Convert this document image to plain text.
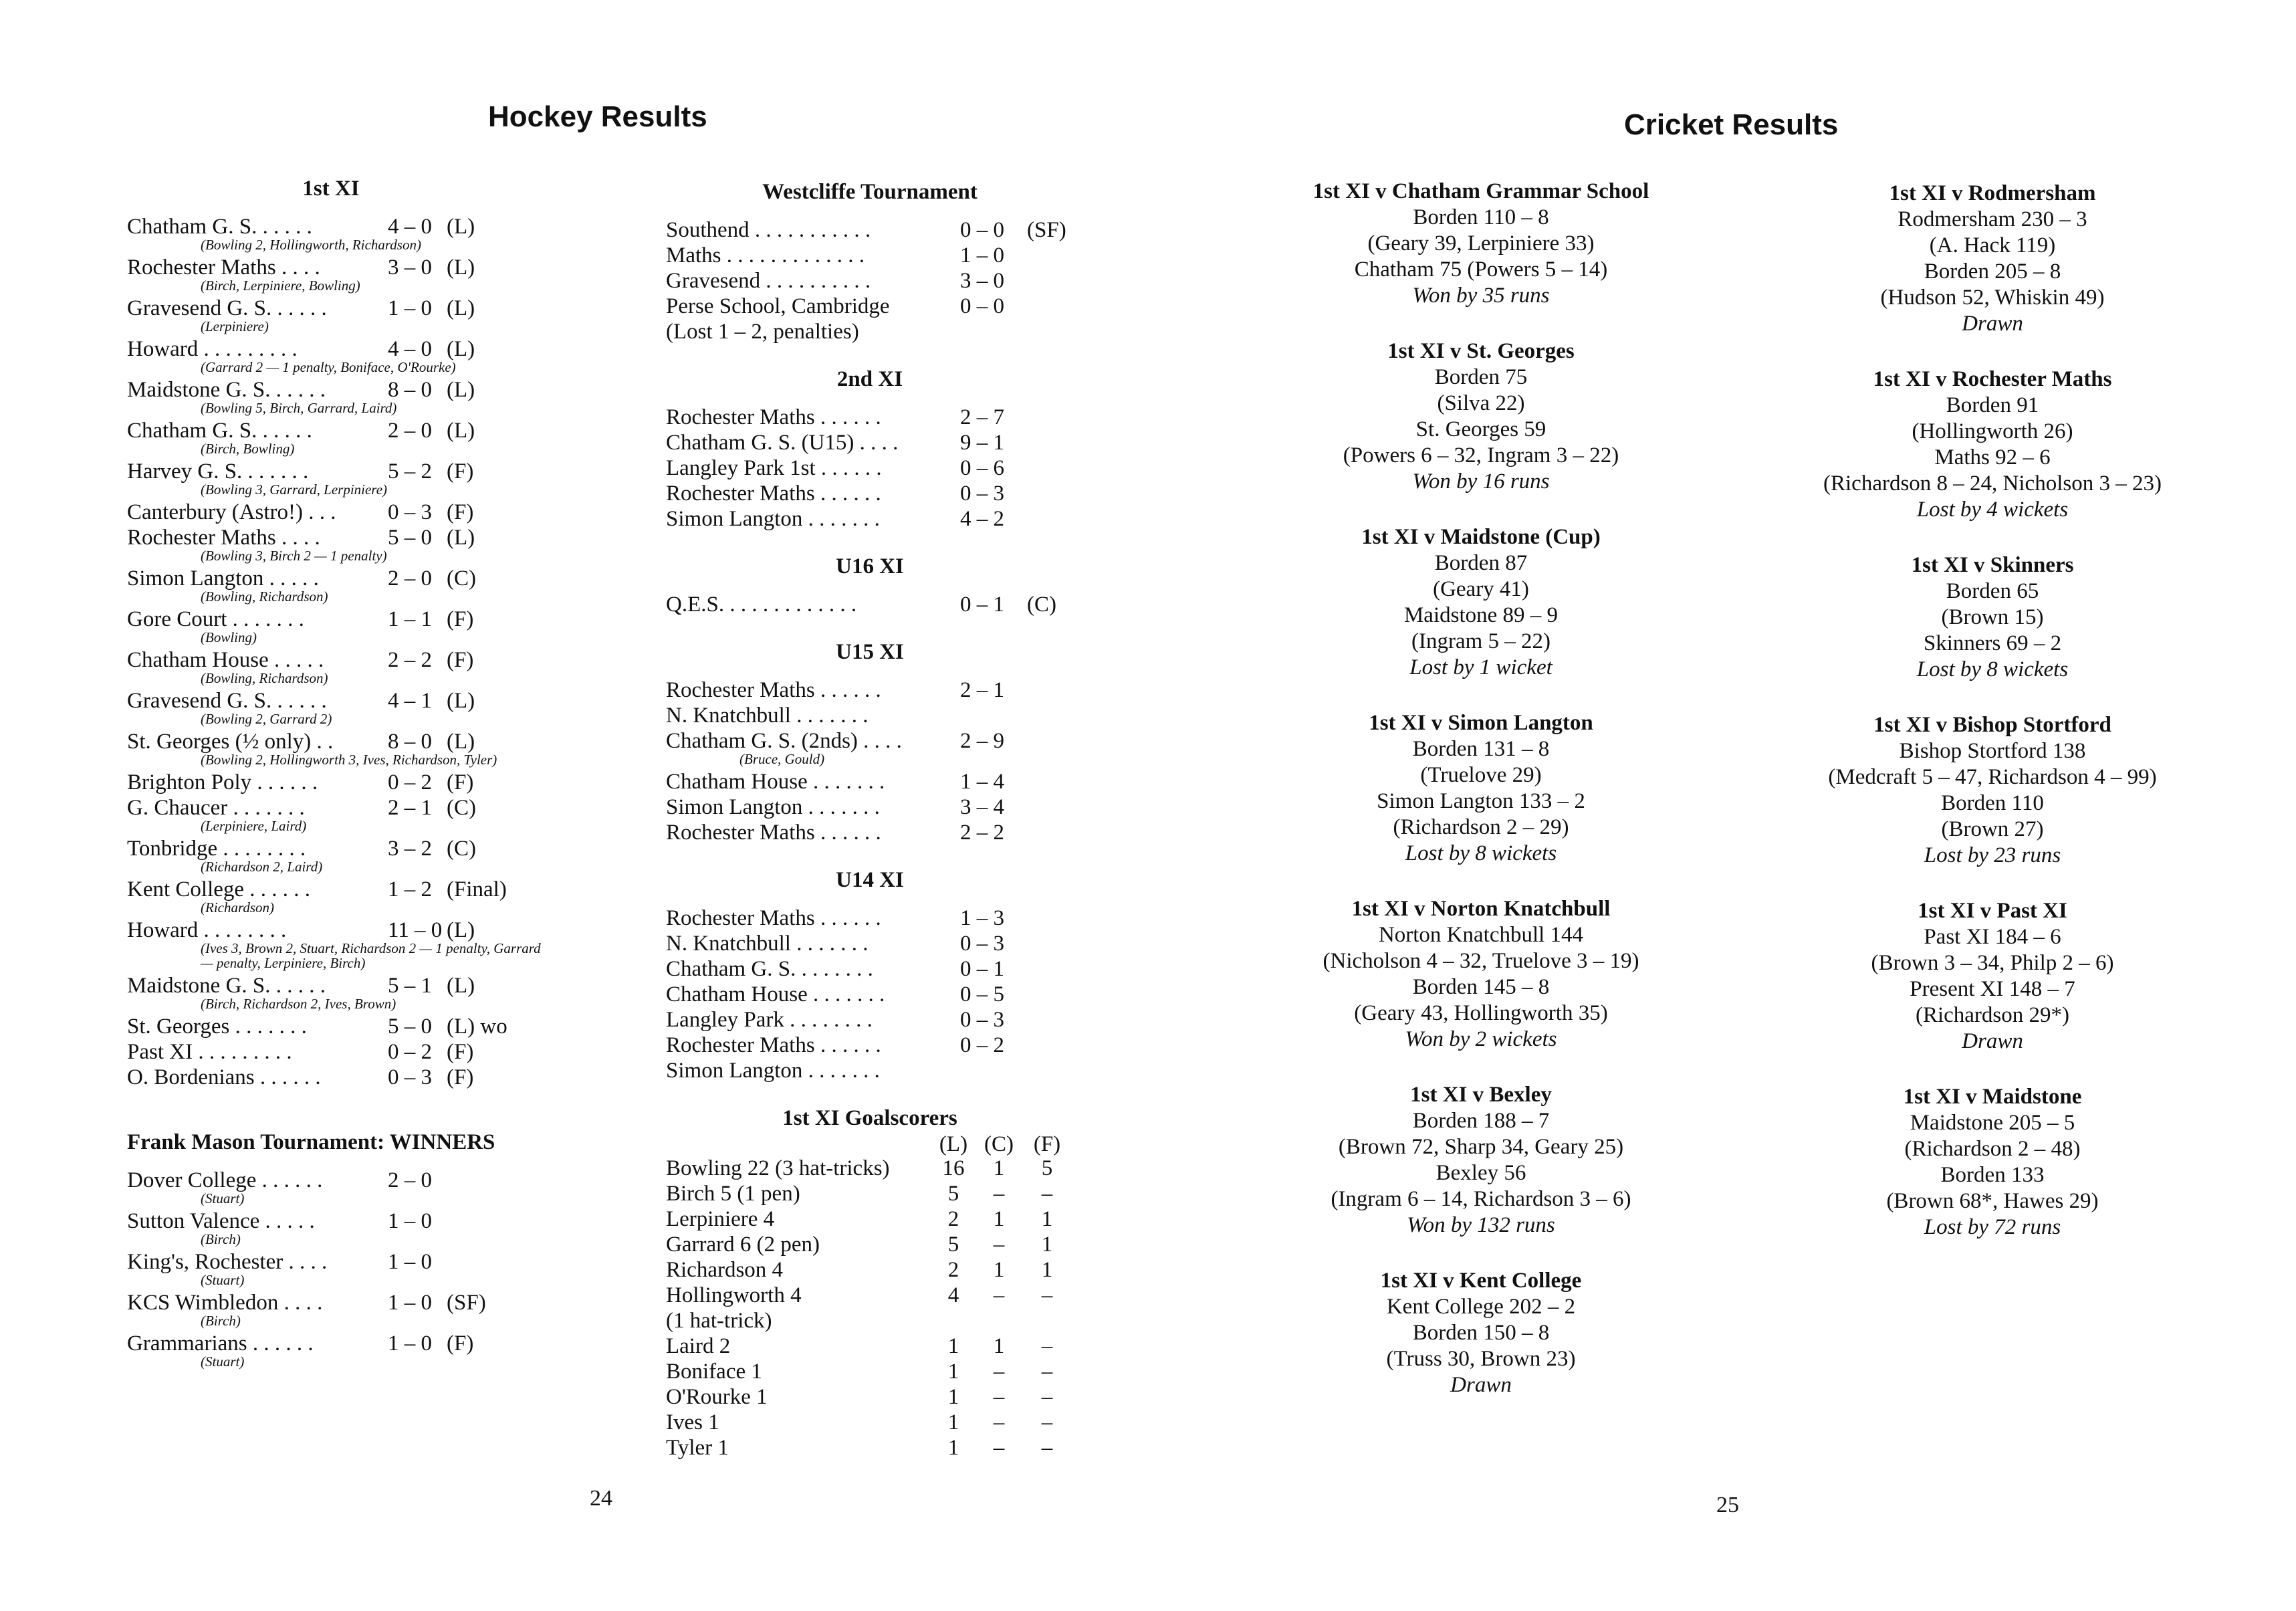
Hockey Results
1st XI
Chatham G. S. . . . . .	4 – 0 (L)
(Bowling 2, Hollingworth, Richardson)
Rochester Maths . . . .	3 – 0 (L)
(Birch, Lerpiniere, Bowling)
Gravesend G. S. . . . . .	1 – 0 (L)
(Lerpiniere)
Howard . . . . . . . . .	4 – 0 (L)
(Garrard 2 — 1 penalty, Boniface, O'Rourke)
Maidstone G. S. . . . . .	8 – 0 (L)
(Bowling 5, Birch, Garrard, Laird)
Chatham G. S. . . . . .	2 – 0 (L)
(Birch, Bowling)
Harvey G. S. . . . . . .	5 – 2 (F)
(Bowling 3, Garrard, Lerpiniere)
Canterbury (Astro!) . . . 0 – 3 (F)
Rochester Maths . . . .	5 – 0 (L)
(Bowling 3, Birch 2 — 1 penalty)
Simon Langton . . . . .	2 – 0 (C)
(Bowling, Richardson)
Gore Court . . . . . . .	1 – 1 (F)
(Bowling)
Chatham House . . . . .	2 – 2 (F)
(Bowling, Richardson)
Gravesend G. S. . . . . .	4 – 1 (L)
(Bowling 2, Garrard 2)
St. Georges (½ only) . . 8 – 0 (L)
(Bowling 2, Hollingworth 3, Ives, Richardson, Tyler)
Brighton Poly . . . . . .	0 – 2 (F)
G. Chaucer . . . . . . .	2 – 1 (C)
(Lerpiniere, Laird)
Tonbridge . . . . . . . .	3 – 2 (C)
(Richardson 2, Laird)
Kent College . . . . . .	1 – 2 (Final)
(Richardson)
Howard . . . . . . . .	11 – 0 (L)
(Ives 3, Brown 2, Stuart, Richardson 2 — 1 penalty, Garrard — penalty, Lerpiniere, Birch)
Maidstone G. S. . . . . .	5 – 1 (L)
(Birch, Richardson 2, Ives, Brown)
St. Georges . . . . . . .	5 – 0 (L) wo
Past XI . . . . . . . . .	0 – 2 (F)
O. Bordenians . . . . . .	0 – 3 (F)
Frank Mason Tournament: WINNERS
Dover College . . . . . .	2 – 0
(Stuart)
Sutton Valence . . . . .	1 – 0
(Birch)
King's, Rochester . . . .	1 – 0
(Stuart)
KCS Wimbledon . . . .	1 – 0 (SF)
(Birch)
Grammarians . . . . . .	1 – 0 (F)
(Stuart)
Westcliffe Tournament
Southend . . . . . . . . . . .	0 – 0 (SF)
Maths . . . . . . . . . . . . .	1 – 0
Gravesend . . . . . . . . . .	3 – 0
Perse School, Cambridge	0 – 0
(Lost 1 – 2, penalties)
2nd XI
Rochester Maths . . . . . .	2 – 7
Chatham G. S. (U15) . . . .	9 – 1
Langley Park 1st . . . . . .	0 – 6
Rochester Maths . . . . . .	0 – 3
Simon Langton . . . . . . .	4 – 2
U16 XI
Q.E.S. . . . . . . . . . . . .	0 – 1 (C)
U15 XI
Rochester Maths . . . . . .	2 – 1
N. Knatchbull . . . . . . .
Chatham G. S. (2nds) . . . .	2 – 9
(Bruce, Gould)
Chatham House . . . . . . .	1 – 4
Simon Langton . . . . . . .	3 – 4
Rochester Maths . . . . . .	2 – 2
U14 XI
Rochester Maths . . . . . .	1 – 3
N. Knatchbull . . . . . . .	0 – 3
Chatham G. S. . . . . . . .	0 – 1
Chatham House . . . . . . .	0 – 5
Langley Park . . . . . . . .	0 – 3
Rochester Maths . . . . . .	0 – 2
Simon Langton . . . . . . .
1st XI Goalscorers
(L) (C) (F)
Bowling 22 (3 hat-tricks)	16	1	5
Birch 5 (1 pen)	5	–	–
Lerpiniere 4	2	1	1
Garrard 6 (2 pen)	5	–	1
Richardson 4	2	1	1
Hollingworth 4	4	–	–
(1 hat-trick)
Laird 2	1	1	–
Boniface 1	1	–	–
O'Rourke 1	1	–	–
Ives 1	1	–	–
Tyler 1	1	–	–
24
Cricket Results
25
1st XI v Chatham Grammar School
Borden 110 – 8
(Geary 39, Lerpiniere 33)
Chatham 75 (Powers 5 – 14)
Won by 35 runs
1st XI v St. Georges
Borden 75
(Silva 22)
St. Georges 59
(Powers 6 – 32, Ingram 3 – 22)
Won by 16 runs
1st XI v Maidstone (Cup)
Borden 87
(Geary 41)
Maidstone 89 – 9
(Ingram 5 – 22)
Lost by 1 wicket
1st XI v Simon Langton
Borden 131 – 8
(Truelove 29)
Simon Langton 133 – 2
(Richardson 2 – 29)
Lost by 8 wickets
1st XI v Norton Knatchbull
Norton Knatchbull 144
(Nicholson 4 – 32, Truelove 3 – 19)
Borden 145 – 8
(Geary 43, Hollingworth 35)
Won by 2 wickets
1st XI v Bexley
Borden 188 – 7
(Brown 72, Sharp 34, Geary 25)
Bexley 56
(Ingram 6 – 14, Richardson 3 – 6)
Won by 132 runs
1st XI v Kent College
Kent College 202 – 2
Borden 150 – 8
(Truss 30, Brown 23)
Drawn
1st XI v Rodmersham
Rodmersham 230 – 3
(A. Hack 119)
Borden 205 – 8
(Hudson 52, Whiskin 49)
Drawn
1st XI v Rochester Maths
Borden 91
(Hollingworth 26)
Maths 92 – 6
(Richardson 8 – 24, Nicholson 3 – 23)
Lost by 4 wickets
1st XI v Skinners
Borden 65
(Brown 15)
Skinners 69 – 2
Lost by 8 wickets
1st XI v Bishop Stortford
Bishop Stortford 138
(Medcraft 5 – 47, Richardson 4 – 99)
Borden 110
(Brown 27)
Lost by 23 runs
1st XI v Past XI
Past XI 184 – 6
(Brown 3 – 34, Philp 2 – 6)
Present XI 148 – 7
(Richardson 29*)
Drawn
1st XI v Maidstone
Maidstone 205 – 5
(Richardson 2 – 48)
Borden 133
(Brown 68*, Hawes 29)
Lost by 72 runs
